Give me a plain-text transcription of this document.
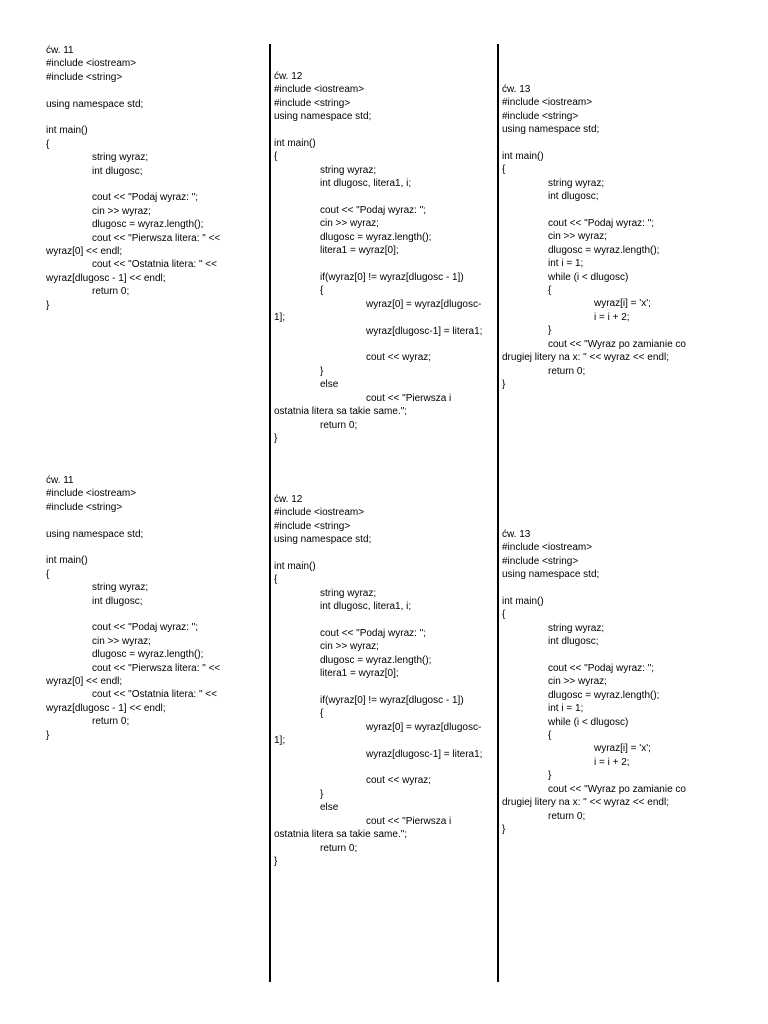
ćw. 11
#include <iostream>
#include <string>
using namespace std;
int main()
{
string wyraz;
int dlugosc;
cout << "Podaj wyraz: ";
cin >> wyraz;
dlugosc = wyraz.length();
cout << "Pierwsza litera: " <<
wyraz[0] << endl;
cout << "Ostatnia litera: " <<
wyraz[dlugosc - 1] << endl;
return 0;
}
ćw. 11
#include <iostream>
#include <string>
using namespace std;
int main()
{
string wyraz;
int dlugosc;
cout << "Podaj wyraz: ";
cin >> wyraz;
dlugosc = wyraz.length();
cout << "Pierwsza litera: " <<
wyraz[0] << endl;
cout << "Ostatnia litera: " <<
wyraz[dlugosc - 1] << endl;
return 0;
}
ćw. 12
#include <iostream>
#include <string>
using namespace std;
int main()
{
string wyraz;
int dlugosc, litera1, i;
cout << "Podaj wyraz: ";
cin >> wyraz;
dlugosc = wyraz.length();
litera1 = wyraz[0];
if(wyraz[0] != wyraz[dlugosc - 1])
{
wyraz[0] = wyraz[dlugosc-
1];
wyraz[dlugosc-1] = litera1;
cout << wyraz;
}
else
cout << "Pierwsza i
ostatnia litera sa takie same.";
return 0;
}
ćw. 12
#include <iostream>
#include <string>
using namespace std;
int main()
{
string wyraz;
int dlugosc, litera1, i;
cout << "Podaj wyraz: ";
cin >> wyraz;
dlugosc = wyraz.length();
litera1 = wyraz[0];
if(wyraz[0] != wyraz[dlugosc - 1])
{
wyraz[0] = wyraz[dlugosc-
1];
wyraz[dlugosc-1] = litera1;
cout << wyraz;
}
else
cout << "Pierwsza i
ostatnia litera sa takie same.";
return 0;
}
ćw. 13
#include <iostream>
#include <string>
using namespace std;
int main()
{
string wyraz;
int dlugosc;
cout << "Podaj wyraz: ";
cin >> wyraz;
dlugosc = wyraz.length();
int i = 1;
while (i < dlugosc)
{
wyraz[i] = 'x';
i = i + 2;
}
cout << "Wyraz po zamianie co
drugiej litery na x: " << wyraz << endl;
return 0;
}
ćw. 13
#include <iostream>
#include <string>
using namespace std;
int main()
{
string wyraz;
int dlugosc;
cout << "Podaj wyraz: ";
cin >> wyraz;
dlugosc = wyraz.length();
int i = 1;
while (i < dlugosc)
{
wyraz[i] = 'x';
i = i + 2;
}
cout << "Wyraz po zamianie co
drugiej litery na x: " << wyraz << endl;
return 0;
}
